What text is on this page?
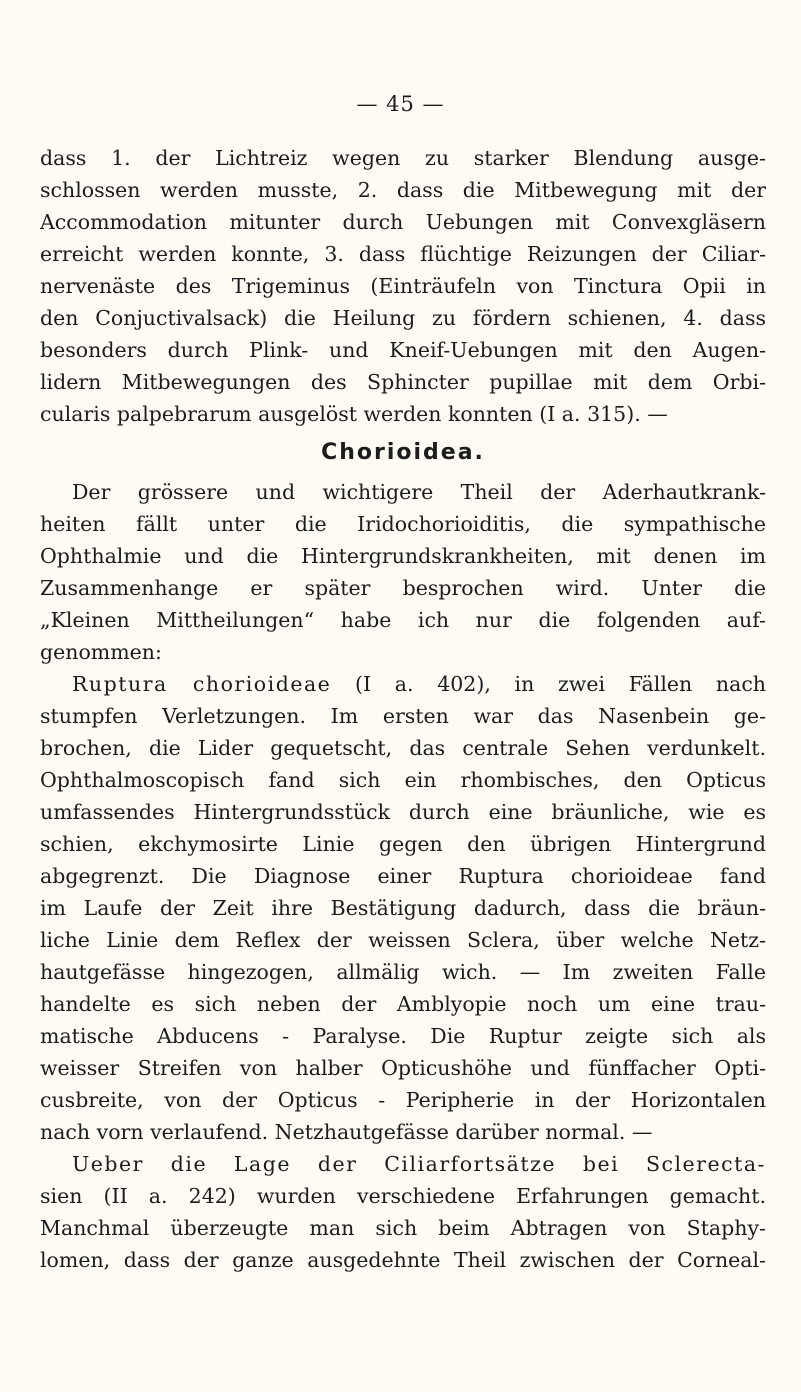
— 45 —
dass 1. der Lichtreiz wegen zu starker Blendung ausge-
schlossen werden musste, 2. dass die Mitbewegung mit der
Accommodation mitunter durch Uebungen mit Convexgläsern
erreicht werden konnte, 3. dass flüchtige Reizungen der Ciliar-
nervenäste des Trigeminus (Einträufeln von Tinctura Opii in
den Conjuctivalsack) die Heilung zu fördern schienen, 4. dass
besonders durch Plink- und Kneif-Uebungen mit den Augen-
lidern Mitbewegungen des Sphincter pupillae mit dem Orbi-
cularis palpebrarum ausgelöst werden konnten (I a. 315). —
Chorioidea.
Der grössere und wichtigere Theil der Aderhautkrank-
heiten fällt unter die Iridochorioiditis, die sympathische
Ophthalmie und die Hintergrundskrankheiten, mit denen im
Zusammenhange er später besprochen wird. Unter die
„Kleinen Mittheilungen“ habe ich nur die folgenden auf-
genommen:
Ruptura chorioideae (I a. 402), in zwei Fällen nach
stumpfen Verletzungen. Im ersten war das Nasenbein ge-
brochen, die Lider gequetscht, das centrale Sehen verdunkelt.
Ophthalmoscopisch fand sich ein rhombisches, den Opticus
umfassendes Hintergrundsstück durch eine bräunliche, wie es
schien, ekchymosirte Linie gegen den übrigen Hintergrund
abgegrenzt. Die Diagnose einer Ruptura chorioideae fand
im Laufe der Zeit ihre Bestätigung dadurch, dass die bräun-
liche Linie dem Reflex der weissen Sclera, über welche Netz-
hautgefässe hingezogen, allmälig wich. — Im zweiten Falle
handelte es sich neben der Amblyopie noch um eine trau-
matische Abducens - Paralyse. Die Ruptur zeigte sich als
weisser Streifen von halber Opticushöhe und fünffacher Opti-
cusbreite, von der Opticus - Peripherie in der Horizontalen
nach vorn verlaufend. Netzhautgefässe darüber normal. —
Ueber die Lage der Ciliarfortsätze bei Sclerecta-
sien (II a. 242) wurden verschiedene Erfahrungen gemacht.
Manchmal überzeugte man sich beim Abtragen von Staphy-
lomen, dass der ganze ausgedehnte Theil zwischen der Corneal-
